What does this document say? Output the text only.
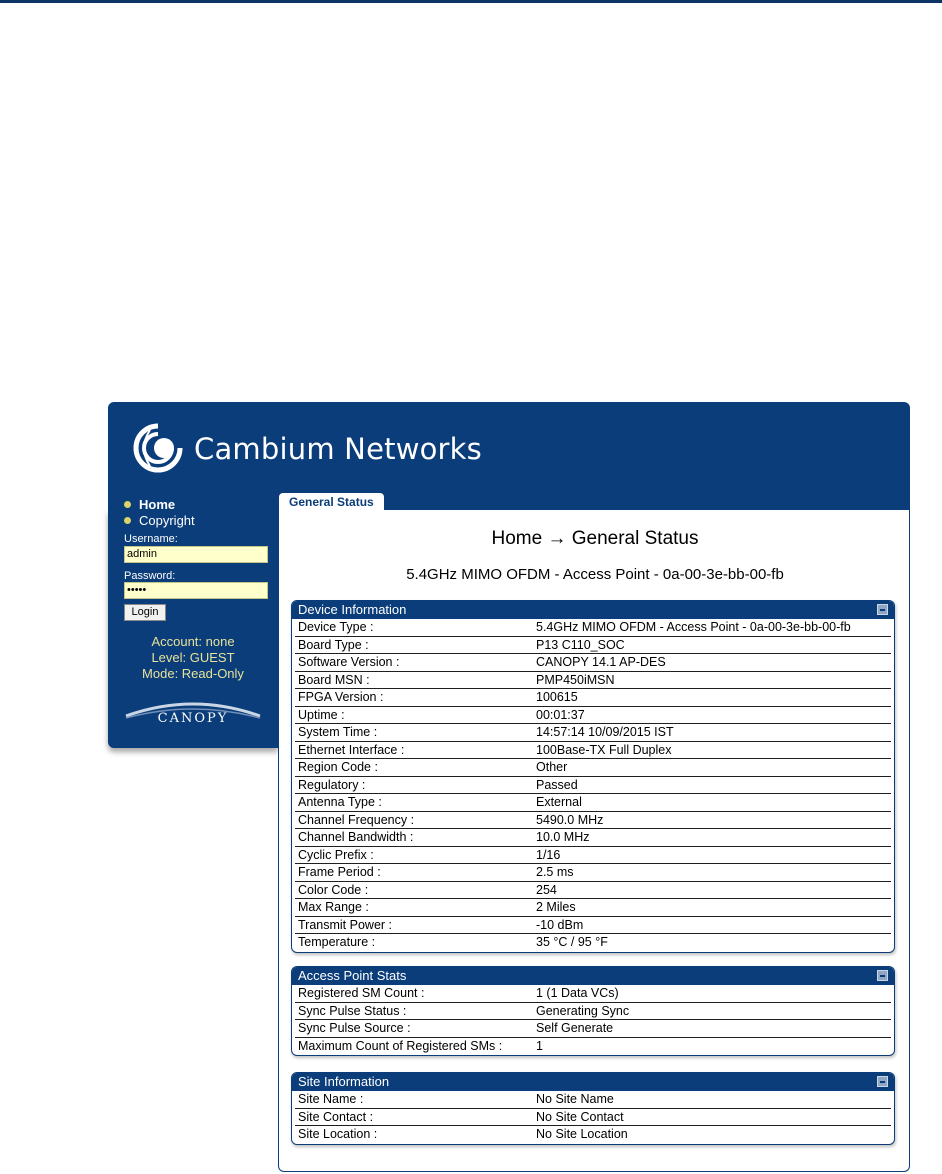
Cambium Networks
Home
Copyright
Username:
admin
Password:
•••••
Login
Account: none
Level: GUEST
Mode: Read-Only
CANOPY
General Status
Home → General Status
5.4GHz MIMO OFDM - Access Point - 0a-00-3e-bb-00-fb
Device Information
Device Type :	5.4GHz MIMO OFDM - Access Point - 0a-00-3e-bb-00-fb
Board Type :	P13 C110_SOC
Software Version :	CANOPY 14.1 AP-DES
Board MSN :	PMP450iMSN
FPGA Version :	100615
Uptime :	00:01:37
System Time :	14:57:14 10/09/2015 IST
Ethernet Interface :	100Base-TX Full Duplex
Region Code :	Other
Regulatory :	Passed
Antenna Type :	External
Channel Frequency :	5490.0 MHz
Channel Bandwidth :	10.0 MHz
Cyclic Prefix :	1/16
Frame Period :	2.5 ms
Color Code :	254
Max Range :	2 Miles
Transmit Power :	-10 dBm
Temperature :	35 °C / 95 °F
Access Point Stats
Registered SM Count :	1 (1 Data VCs)
Sync Pulse Status :	Generating Sync
Sync Pulse Source :	Self Generate
Maximum Count of Registered SMs :	1
Site Information
Site Name :	No Site Name
Site Contact :	No Site Contact
Site Location :	No Site Location
